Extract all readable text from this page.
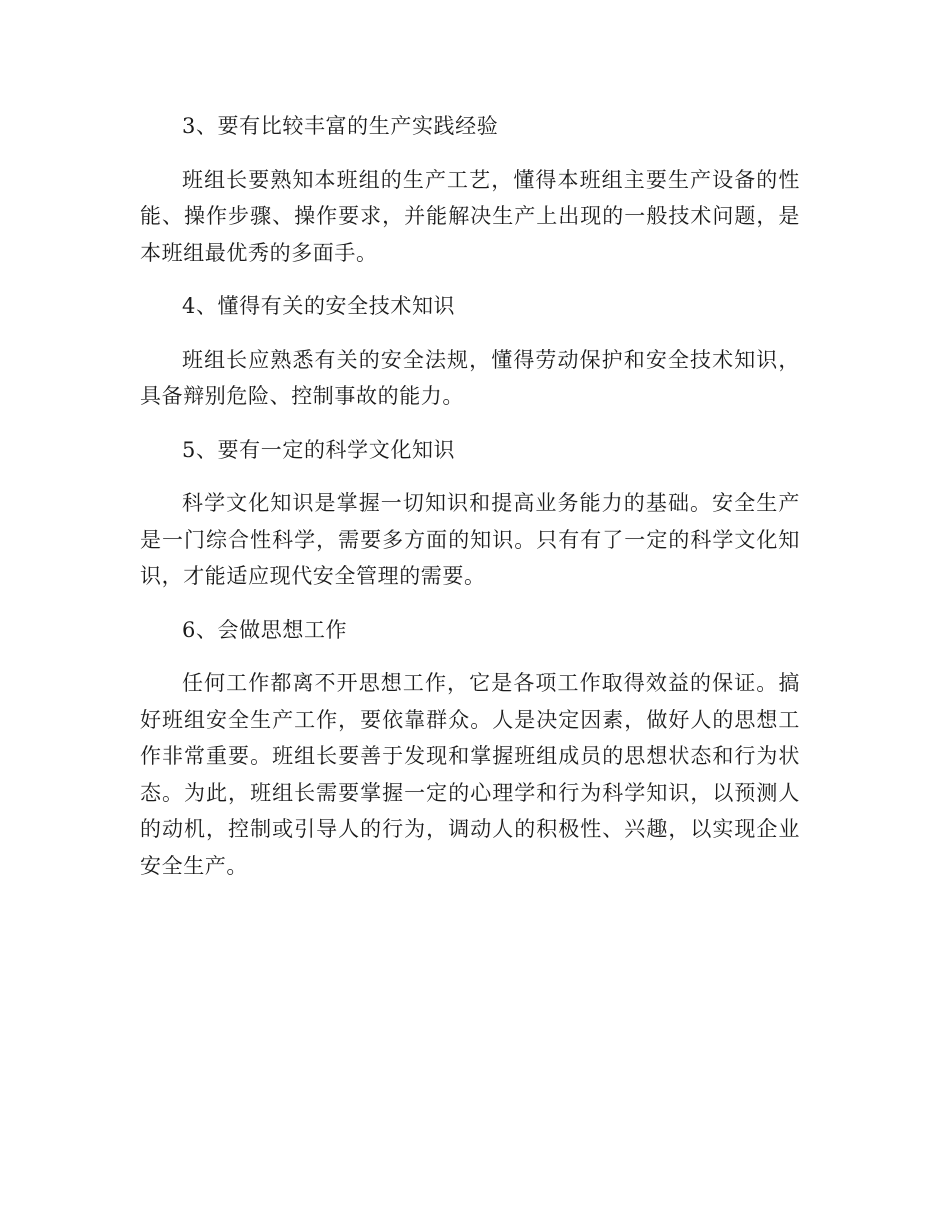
3、要有比较丰富的生产实践经验

班组长要熟知本班组的生产工艺，懂得本班组主要生产设备的性能、操作步骤、操作要求，并能解决生产上出现的一般技术问题，是本班组最优秀的多面手。

4、懂得有关的安全技术知识

班组长应熟悉有关的安全法规，懂得劳动保护和安全技术知识，具备辩别危险、控制事故的能力。

5、要有一定的科学文化知识

科学文化知识是掌握一切知识和提高业务能力的基础。安全生产是一门综合性科学，需要多方面的知识。只有有了一定的科学文化知识，才能适应现代安全管理的需要。

6、会做思想工作

任何工作都离不开思想工作，它是各项工作取得效益的保证。搞好班组安全生产工作，要依靠群众。人是决定因素，做好人的思想工作非常重要。班组长要善于发现和掌握班组成员的思想状态和行为状态。为此，班组长需要掌握一定的心理学和行为科学知识，以预测人的动机，控制或引导人的行为，调动人的积极性、兴趣，以实现企业安全生产。
